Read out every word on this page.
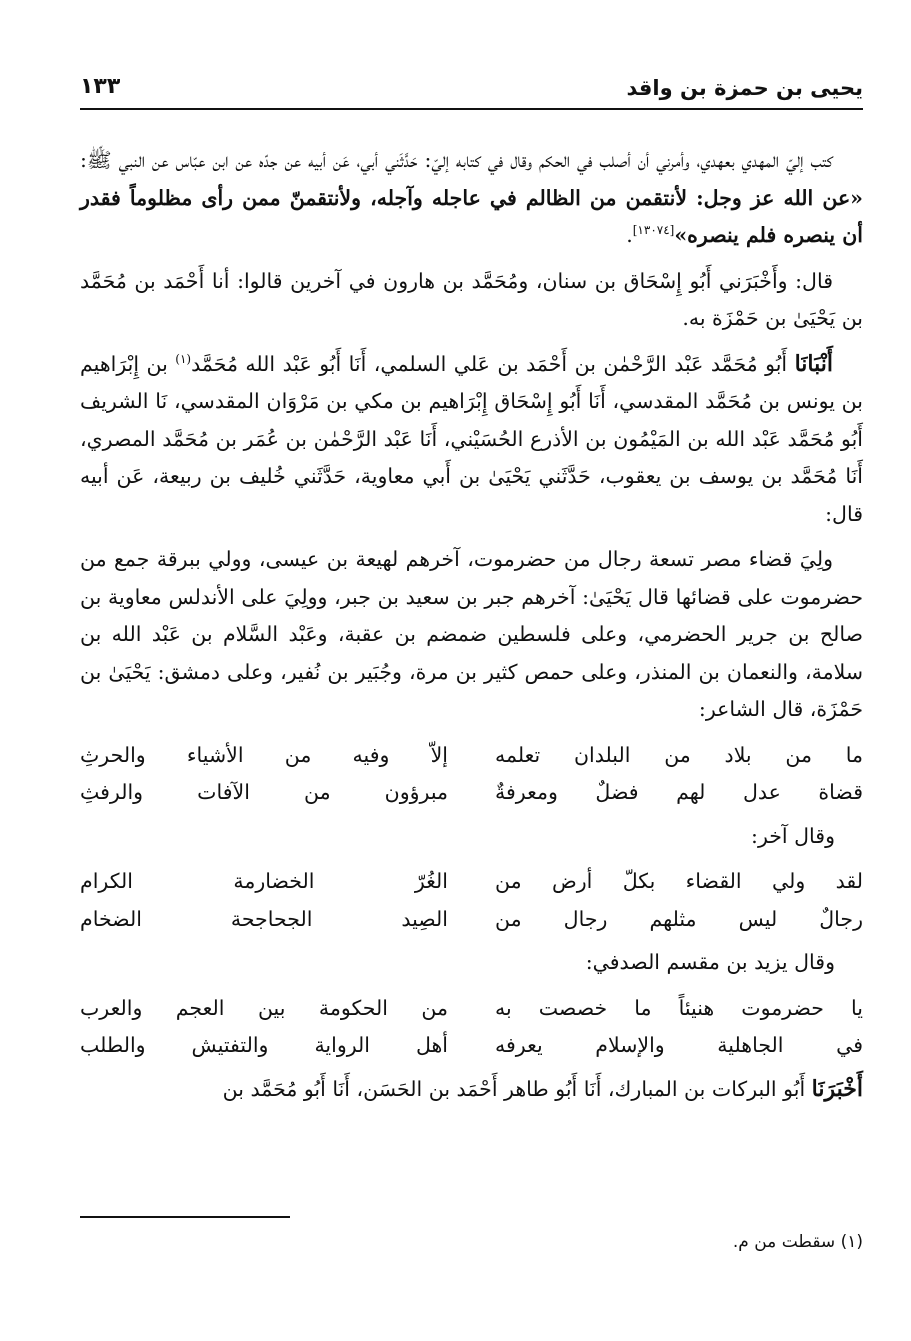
يحيى بن حمزة بن واقد
١٣٣

كتب إليّ المهدي بعهدي، وأمرني أن أصلب في الحكم وقال في كتابه إليّ: حَدَّثَني أبي، عَن أبيه عن جدّه عن ابن عبّاس عن النبي ﷺ: «عن الله عز وجل: لأنتقمن من الظالم في عاجله وآجله، ولأنتقمنّ ممن رأى مظلوماً فقدر أن ينصره فلم ينصره»[١٣٠٧٤].

قال: وأَخْبَرَني أَبُو إِسْحَاق بن سنان، ومُحَمَّد بن هارون في آخرين قالوا: أنا أَحْمَد بن مُحَمَّد بن يَحْيَىٰ بن حَمْزَة به.

أَنْبَانَا أَبُو مُحَمَّد عَبْد الرَّحْمٰن بن أَحْمَد بن عَلي السلمي، أَنَا أَبُو عَبْد الله مُحَمَّد$^{(١)}$ بن إِبْرَاهيم بن يونس بن مُحَمَّد المقدسي، أَنَا أَبُو إِسْحَاق إِبْرَاهيم بن مكي بن مَرْوَان المقدسي، نَا الشريف أَبُو مُحَمَّد عَبْد الله بن المَيْمُون بن الأذرع الحُسَيْني، أَنَا عَبْد الرَّحْمٰن بن عُمَر بن مُحَمَّد المصري، أَنَا مُحَمَّد بن يوسف بن يعقوب، حَدَّثَني يَحْيَىٰ بن أَبي معاوية، حَدَّثَني خُليف بن ربيعة، عَن أبيه قال:

ولِيَ قضاء مصر تسعة رجال من حضرموت، آخرهم لهيعة بن عيسى، وولي ببرقة جمع من حضرموت على قضائها قال يَحْيَىٰ: آخرهم جبر بن سعيد بن جبر، وولِيَ على الأندلس معاوية بن صالح بن جرير الحضرمي، وعلى فلسطين ضمضم بن عقبة، وعَبْد السَّلام بن عَبْد الله بن سلامة، والنعمان بن المنذر، وعلى حمص كثير بن مرة، وجُبَير بن نُفير، وعلى دمشق: يَحْيَىٰ بن حَمْزَة، قال الشاعر:

ما من بلاد من البلدان تعلمه
إلاّ وفيه من الأشياء والحرثِ
قضاة عدل لهم فضلٌ ومعرفةٌ
مبرؤون من الآفات والرفثِ

وقال آخر:

لقد ولي القضاء بكلّ أرض من
الغُرّ الخضارمة الكرام
رجالٌ ليس مثلهم رجال من
الصِيد الجحاجحة الضخام

وقال يزيد بن مقسم الصدفي:

يا حضرموت هنيئاً ما خصصت به
من الحكومة بين العجم والعرب
في الجاهلية والإسلام يعرفه
أهل الرواية والتفتيش والطلب

أَخْبَرَنَا أَبُو البركات بن المبارك، أَنَا أَبُو طاهر أَحْمَد بن الحَسَن، أَنَا أَبُو مُحَمَّد بن

(١) سقطت من م.
